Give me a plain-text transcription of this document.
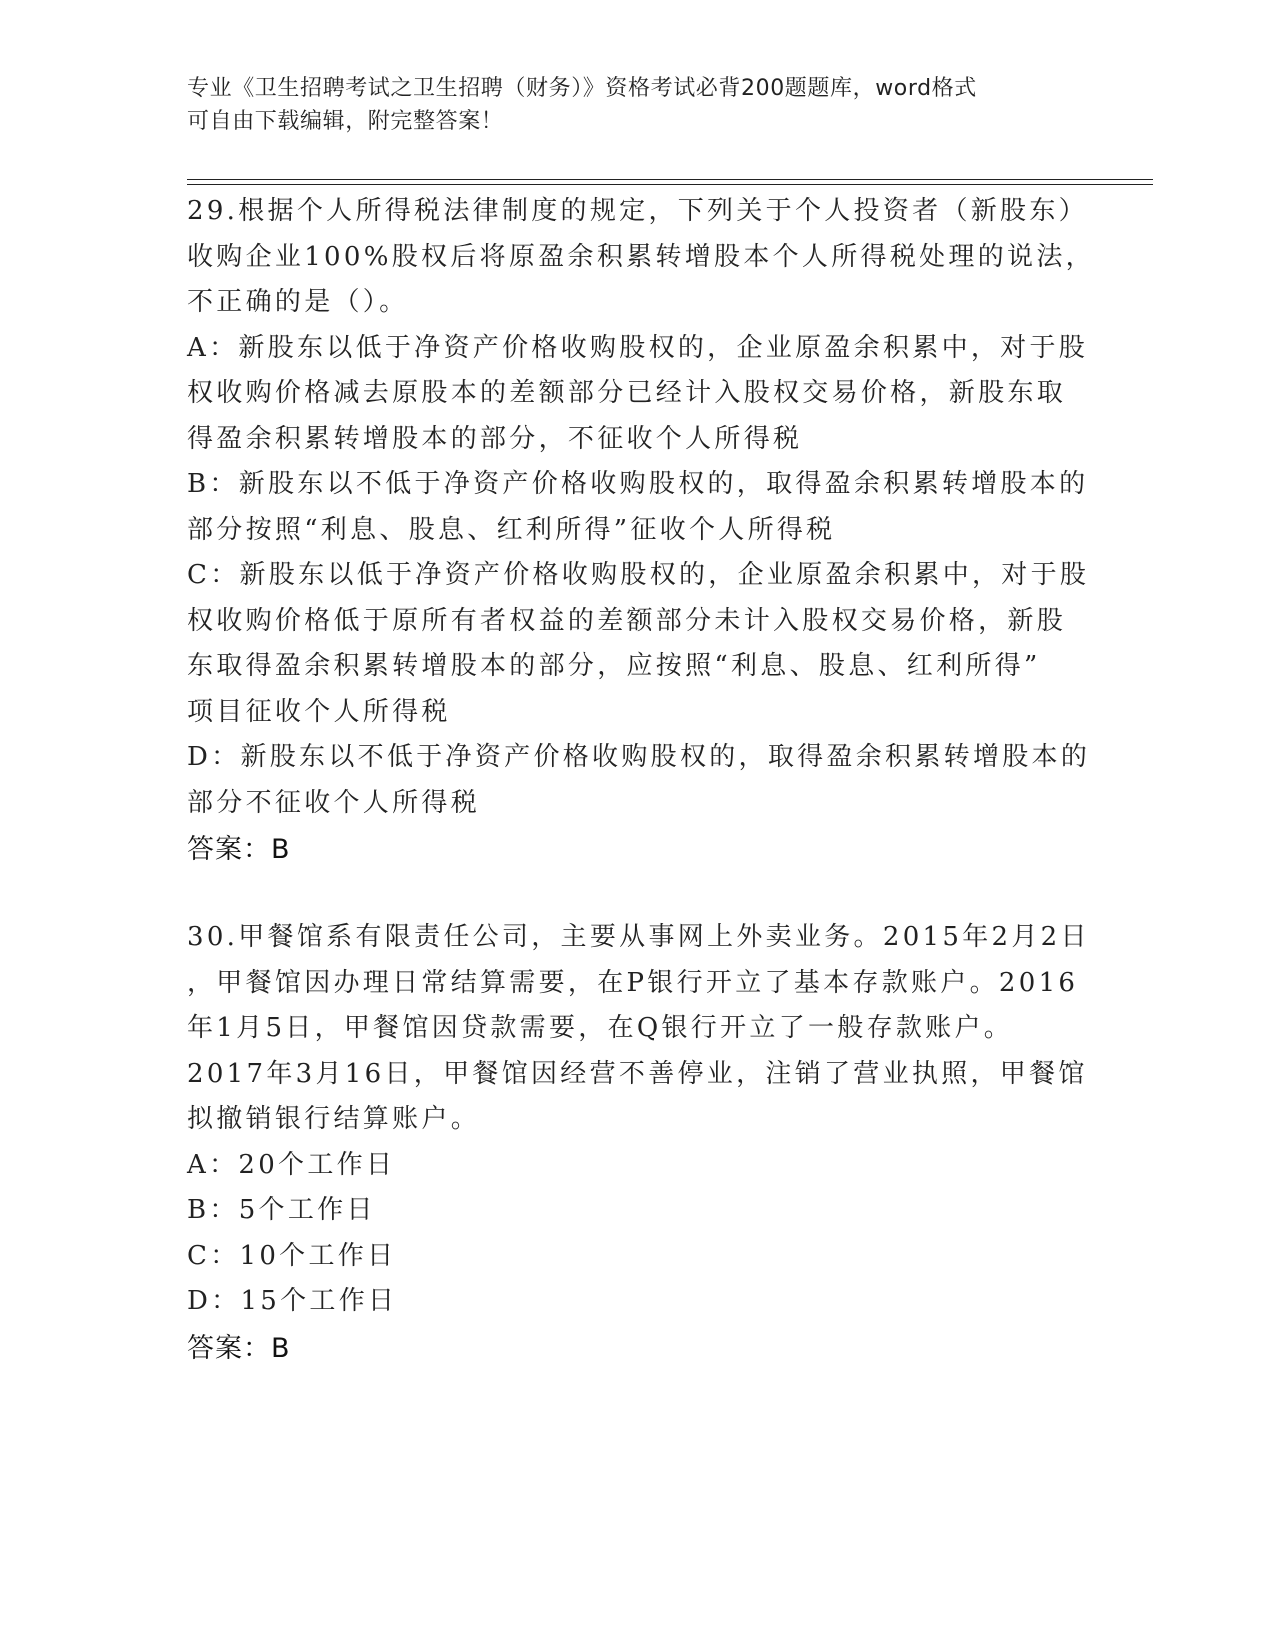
专业《卫生招聘考试之卫生招聘（财务）》资格考试必背200题题库，word格式
可自由下载编辑，附完整答案！
29.根据个人所得税法律制度的规定，下列关于个人投资者（新股东）
收购企业100%股权后将原盈余积累转增股本个人所得税处理的说法，
不正确的是（）。
A：新股东以低于净资产价格收购股权的，企业原盈余积累中，对于股
权收购价格减去原股本的差额部分已经计入股权交易价格，新股东取
得盈余积累转增股本的部分，不征收个人所得税
B：新股东以不低于净资产价格收购股权的，取得盈余积累转增股本的
部分按照“利息、股息、红利所得”征收个人所得税
C：新股东以低于净资产价格收购股权的，企业原盈余积累中，对于股
权收购价格低于原所有者权益的差额部分未计入股权交易价格，新股
东取得盈余积累转增股本的部分，应按照“利息、股息、红利所得”
项目征收个人所得税
D：新股东以不低于净资产价格收购股权的，取得盈余积累转增股本的
部分不征收个人所得税
答案：B
30.甲餐馆系有限责任公司，主要从事网上外卖业务。2015年2月2日
，甲餐馆因办理日常结算需要，在P银行开立了基本存款账户。2016
年1月5日，甲餐馆因贷款需要，在Q银行开立了一般存款账户。
2017年3月16日，甲餐馆因经营不善停业，注销了营业执照，甲餐馆
拟撤销银行结算账户。
A：20个工作日
B：5个工作日
C：10个工作日
D：15个工作日
答案：B
